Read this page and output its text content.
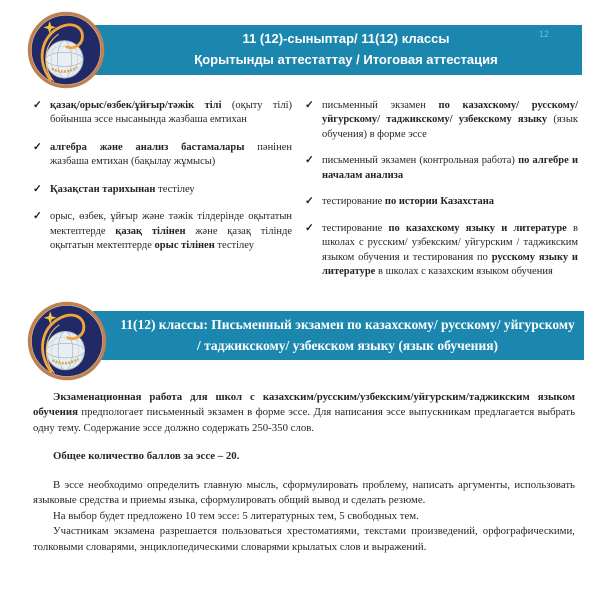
11 (12)-сыныптар/ 11(12) классы
Қорытынды аттестаттау / Итоговая аттестация
12
✓ қазақ/орыс/өзбек/ұйғыр/тәжік тілі (оқыту тілі) бойынша эссе нысанында жазбаша емтихан
✓ алгебра және анализ бастамалары пәнінен жазбаша емтихан (бақылау жұмысы)
✓ Қазақстан тарихынан тестілеу
✓ орыс, өзбек, ұйғыр және тәжік тілдерінде оқытатын мектептерде қазақ тілінен және қазақ тілінде оқытатын мектептерде орыс тілінен тестілеу
✓ письменный экзамен по казахскому/ русскому/ уйгурскому/ таджикскому/ узбекскому языку (язык обучения) в форме эссе
✓ письменный экзамен (контрольная работа) по алгебре и началам анализа
✓ тестирование по истории Казахстана
✓ тестирование по казахскому языку и литературе в школах с русским/ узбекским/ уйгурским / таджикским языком обучения и тестирования по русскому языку и литературе в школах с казахским языком обучения
11(12) классы: Письменный экзамен по казахскому/ русскому/ уйгурскому
/ таджикскому/ узбекском языку (язык обучения)

Экзаменационная работа для школ с казахским/русским/узбекским/уйгурским/таджикским языком обучения предпологает письменный экзамен в форме эссе. Для написания эссе выпускникам предлагается выбрать одну тему. Содержание эссе должно содержать 250-350 слов.

Общее количество баллов за эссе – 20.

В эссе необходимо определить главную мысль, сформулировать проблему, написать аргументы, использовать языковые средства и приемы языка, сформулировать общий вывод и сделать резюме.

На выбор будет предложено 10 тем эссе: 5 литературных тем, 5 свободных тем.

Участникам экзамена разрешается пользоваться хрестоматиями, текстами произведений, орфографическими, толковыми словарями, энциклопедическими словарями крылатых слов и выражений.
